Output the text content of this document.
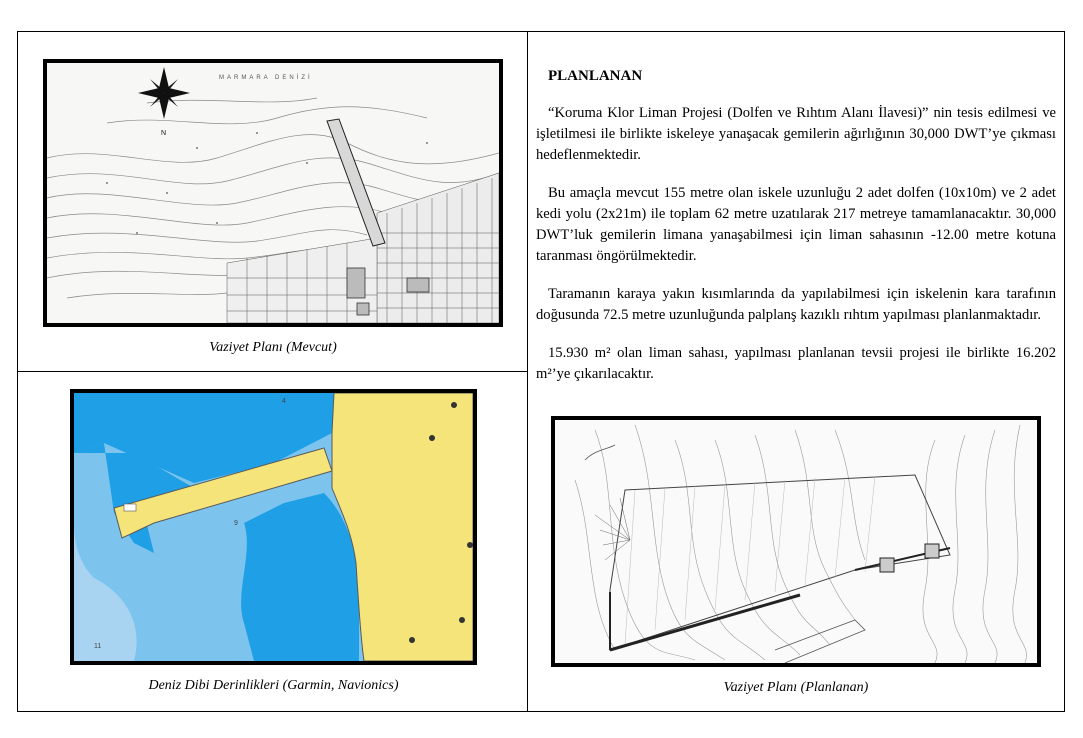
N
MARMARA DENİZİ
Vaziyet Planı (Mevcut)
4
11
9
Deniz Dibi Derinlikleri (Garmin, Navionics)
PLANLANAN

“Koruma Klor Liman Projesi (Dolfen ve Rıhtım Alanı İlavesi)” nin tesis edilmesi ve işletilmesi ile birlikte iskeleye yanaşacak gemilerin ağırlığının 30,000 DWT’ye çıkması hedeflenmektedir.

Bu amaçla mevcut 155 metre olan iskele uzunluğu 2 adet dolfen (10x10m) ve 2 adet kedi yolu (2x21m) ile toplam 62 metre uzatılarak 217 metreye tamamlanacaktır. 30,000 DWT’luk gemilerin limana yanaşabilmesi için liman sahasının -12.00 metre kotuna taranması öngörülmektedir.

Taramanın karaya yakın kısımlarında da yapılabilmesi için iskelenin kara tarafının doğusunda 72.5 metre uzunluğunda palplanş kazıklı rıhtım yapılması planlanmaktadır.

15.930 m² olan liman sahası, yapılması planlanan tevsii projesi ile birlikte 16.202 m²’ye çıkarılacaktır.

Vaziyet Planı (Planlanan)
